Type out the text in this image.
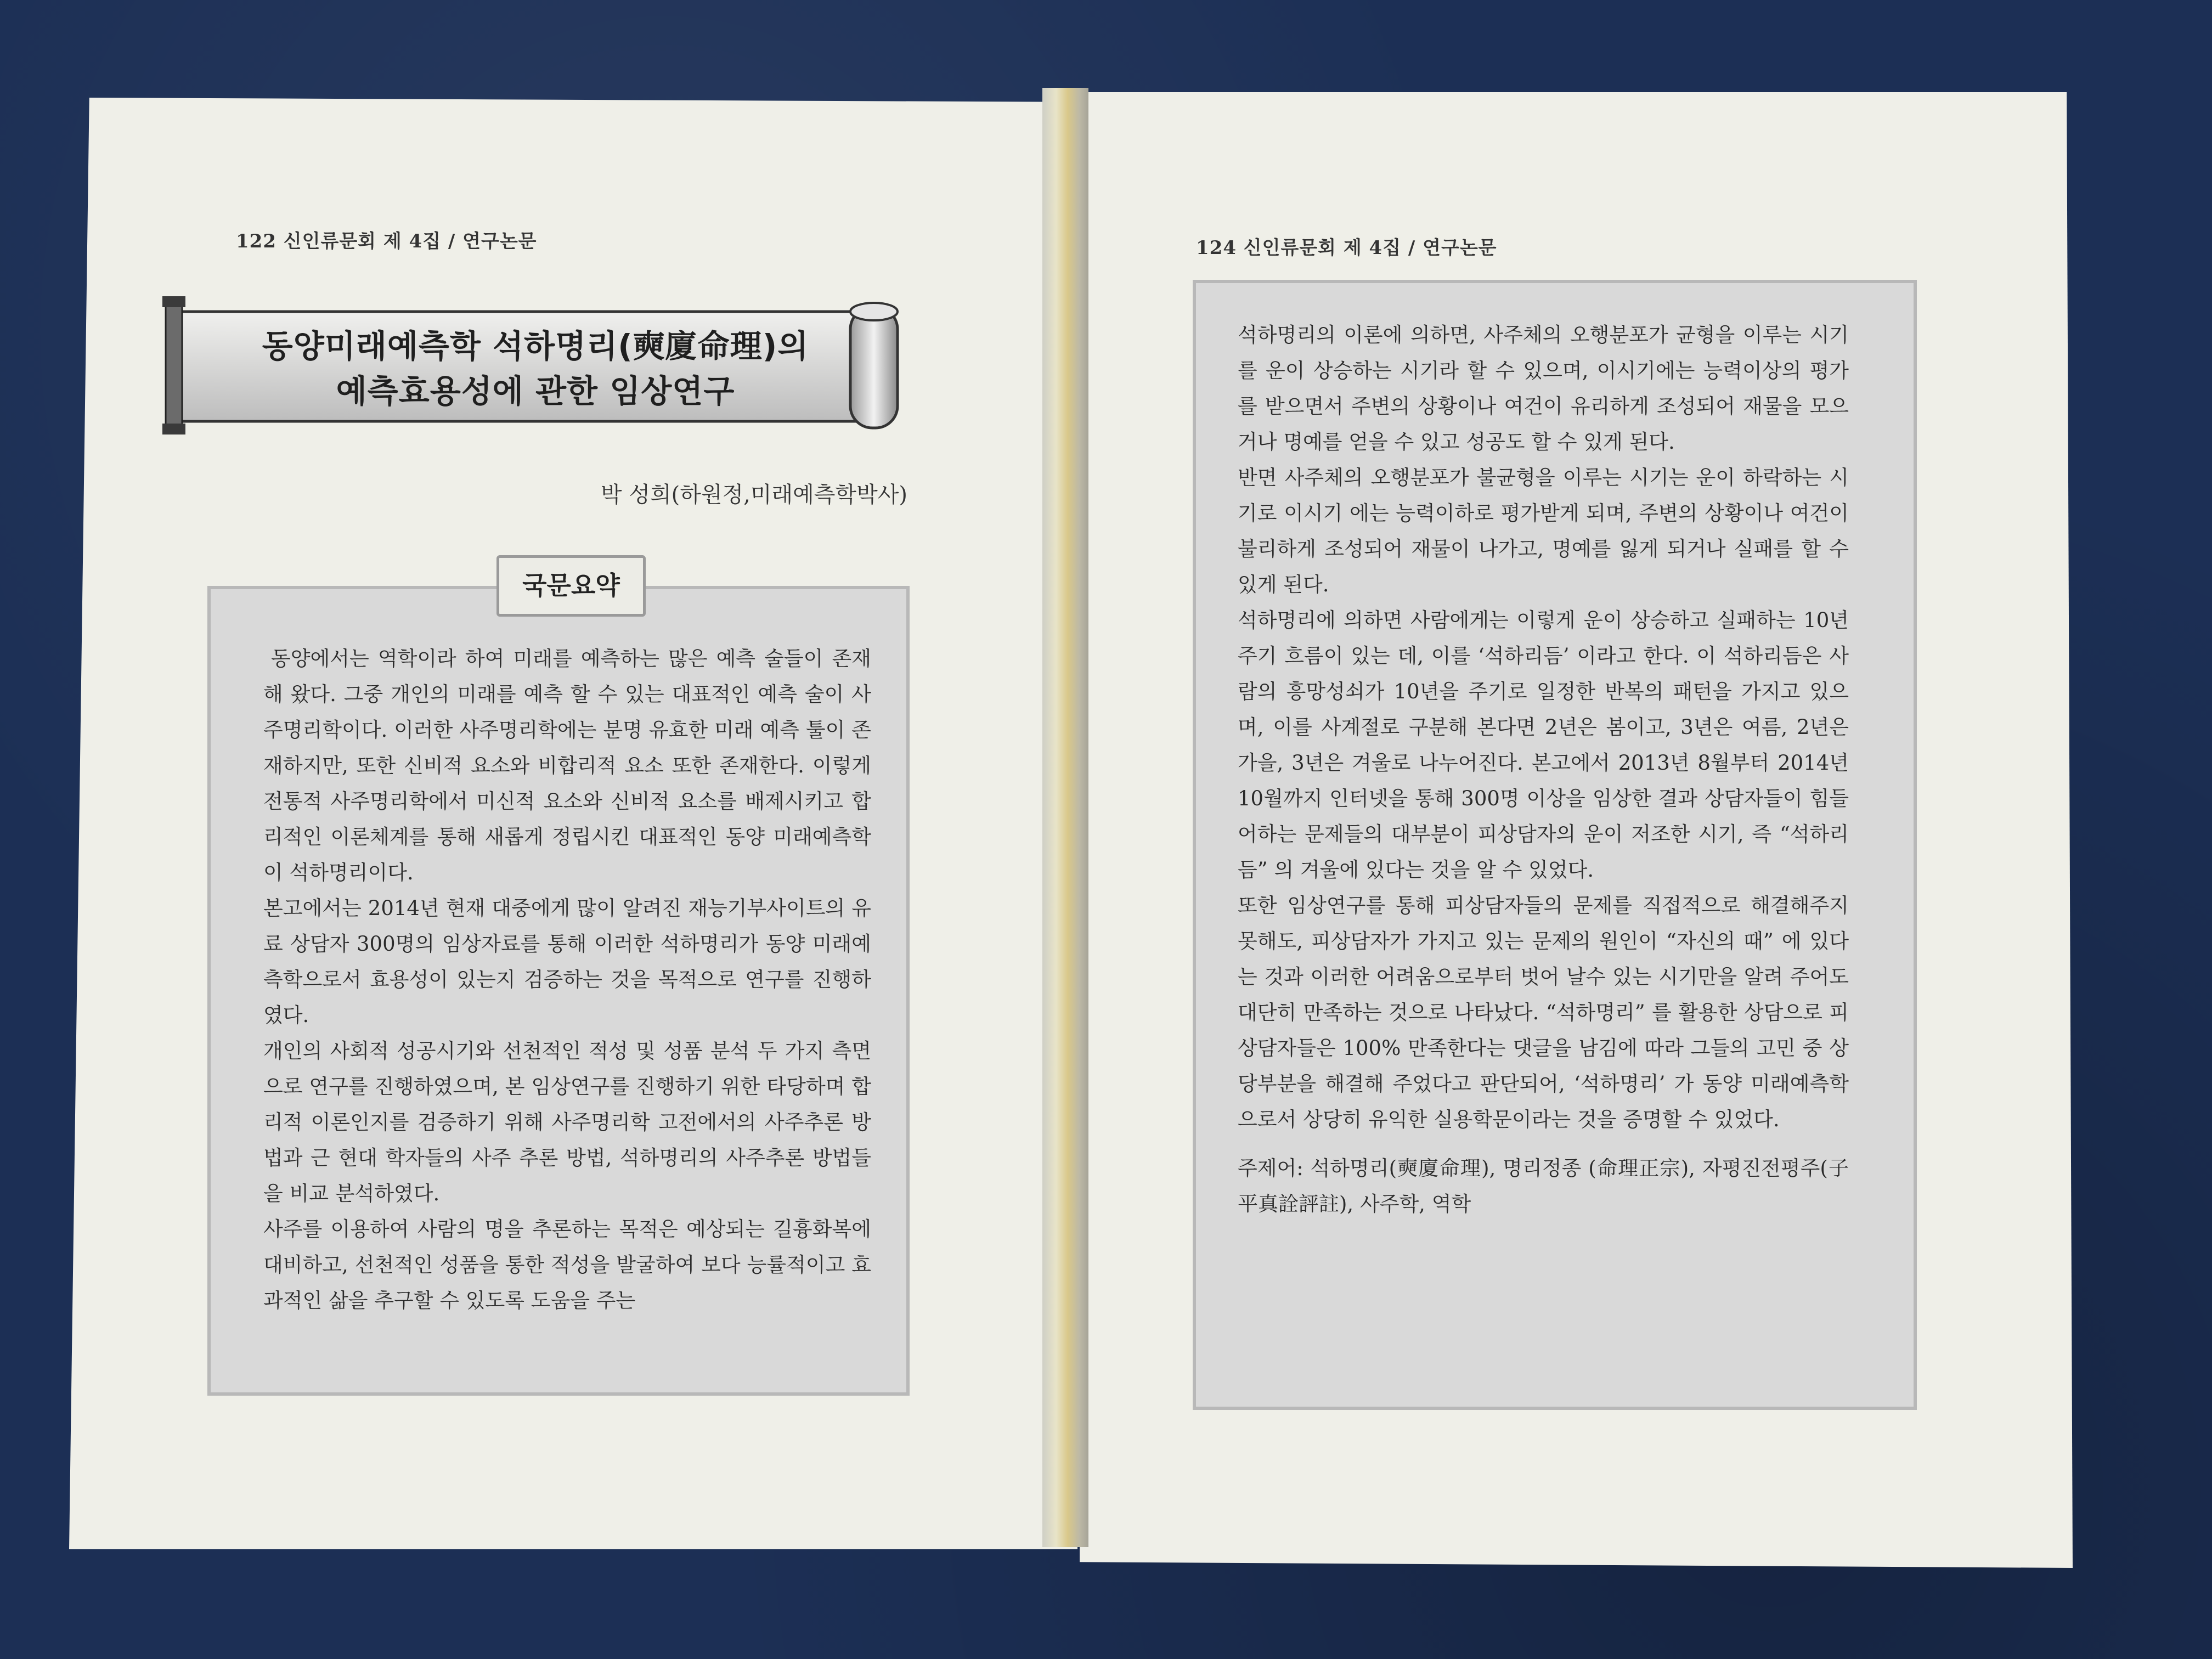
122 신인류문회 제 4집 / 연구논문
동양미래예측학 석하명리(奭廈命理)의
예측효용성에 관한 임상연구
박 성희(하원정,미래예측학박사)
국문요약

동양에서는 역학이라 하여 미래를 예측하는 많은 예측 술들이 존재해 왔다. 그중 개인의 미래를 예측 할 수 있는 대표적인 예측 술이 사주명리학이다. 이러한 사주명리학에는 분명 유효한 미래 예측 툴이 존재하지만, 또한 신비적 요소와 비합리적 요소 또한 존재한다. 이렇게 전통적 사주명리학에서 미신적 요소와 신비적 요소를 배제시키고 합리적인 이론체계를 통해 새롭게 정립시킨 대표적인 동양 미래예측학이 석하명리이다.

본고에서는 2014년 현재 대중에게 많이 알려진 재능기부사이트의 유료 상담자 300명의 임상자료를 통해 이러한 석하명리가 동양 미래예측학으로서 효용성이 있는지 검증하는 것을 목적으로 연구를 진행하였다.

개인의 사회적 성공시기와 선천적인 적성 및 성품 분석 두 가지 측면으로 연구를 진행하였으며, 본 임상연구를 진행하기 위한 타당하며 합리적 이론인지를 검증하기 위해 사주명리학 고전에서의 사주추론 방법과 근 현대 학자들의 사주 추론 방법, 석하명리의 사주추론 방법들을 비교 분석하였다.

사주를 이용하여 사람의 명을 추론하는 목적은 예상되는 길흉화복에 대비하고, 선천적인 성품을 통한 적성을 발굴하여 보다 능률적이고 효과적인 삶을 추구할 수 있도록 도움을 주는

124 신인류문회 제 4집 / 연구논문

석하명리의 이론에 의하면, 사주체의 오행분포가 균형을 이루는 시기를 운이 상승하는 시기라 할 수 있으며, 이시기에는 능력이상의 평가를 받으면서 주변의 상황이나 여건이 유리하게 조성되어 재물을 모으거나 명예를 얻을 수 있고 성공도 할 수 있게 된다.

반면 사주체의 오행분포가 불균형을 이루는 시기는 운이 하락하는 시기로 이시기 에는 능력이하로 평가받게 되며, 주변의 상황이나 여건이 불리하게 조성되어 재물이 나가고, 명예를 잃게 되거나 실패를 할 수 있게 된다.

석하명리에 의하면 사람에게는 이렇게 운이 상승하고 실패하는 10년주기 흐름이 있는 데, 이를 ‘석하리듬’ 이라고 한다. 이 석하리듬은 사람의 흥망성쇠가 10년을 주기로 일정한 반복의 패턴을 가지고 있으며, 이를 사계절로 구분해 본다면 2년은 봄이고, 3년은 여름, 2년은 가을, 3년은 겨울로 나누어진다. 본고에서 2013년 8월부터 2014년 10월까지 인터넷을 통해 300명 이상을 임상한 결과 상담자들이 힘들어하는 문제들의 대부분이 피상담자의 운이 저조한 시기, 즉 “석하리듬” 의 겨울에 있다는 것을 알 수 있었다.

또한 임상연구를 통해 피상담자들의 문제를 직접적으로 해결해주지 못해도, 피상담자가 가지고 있는 문제의 원인이 “자신의 때” 에 있다는 것과 이러한 어려움으로부터 벗어 날수 있는 시기만을 알려 주어도 대단히 만족하는 것으로 나타났다. “석하명리” 를 활용한 상담으로 피상담자들은 100% 만족한다는 댓글을 남김에 따라 그들의 고민 중 상당부분을 해결해 주었다고 판단되어, ‘석하명리’ 가 동양 미래예측학으로서 상당히 유익한 실용학문이라는 것을 증명할 수 있었다.

주제어: 석하명리(奭廈命理), 명리정종 (命理正宗), 자평진전평주(子平真詮評註), 사주학, 역학
